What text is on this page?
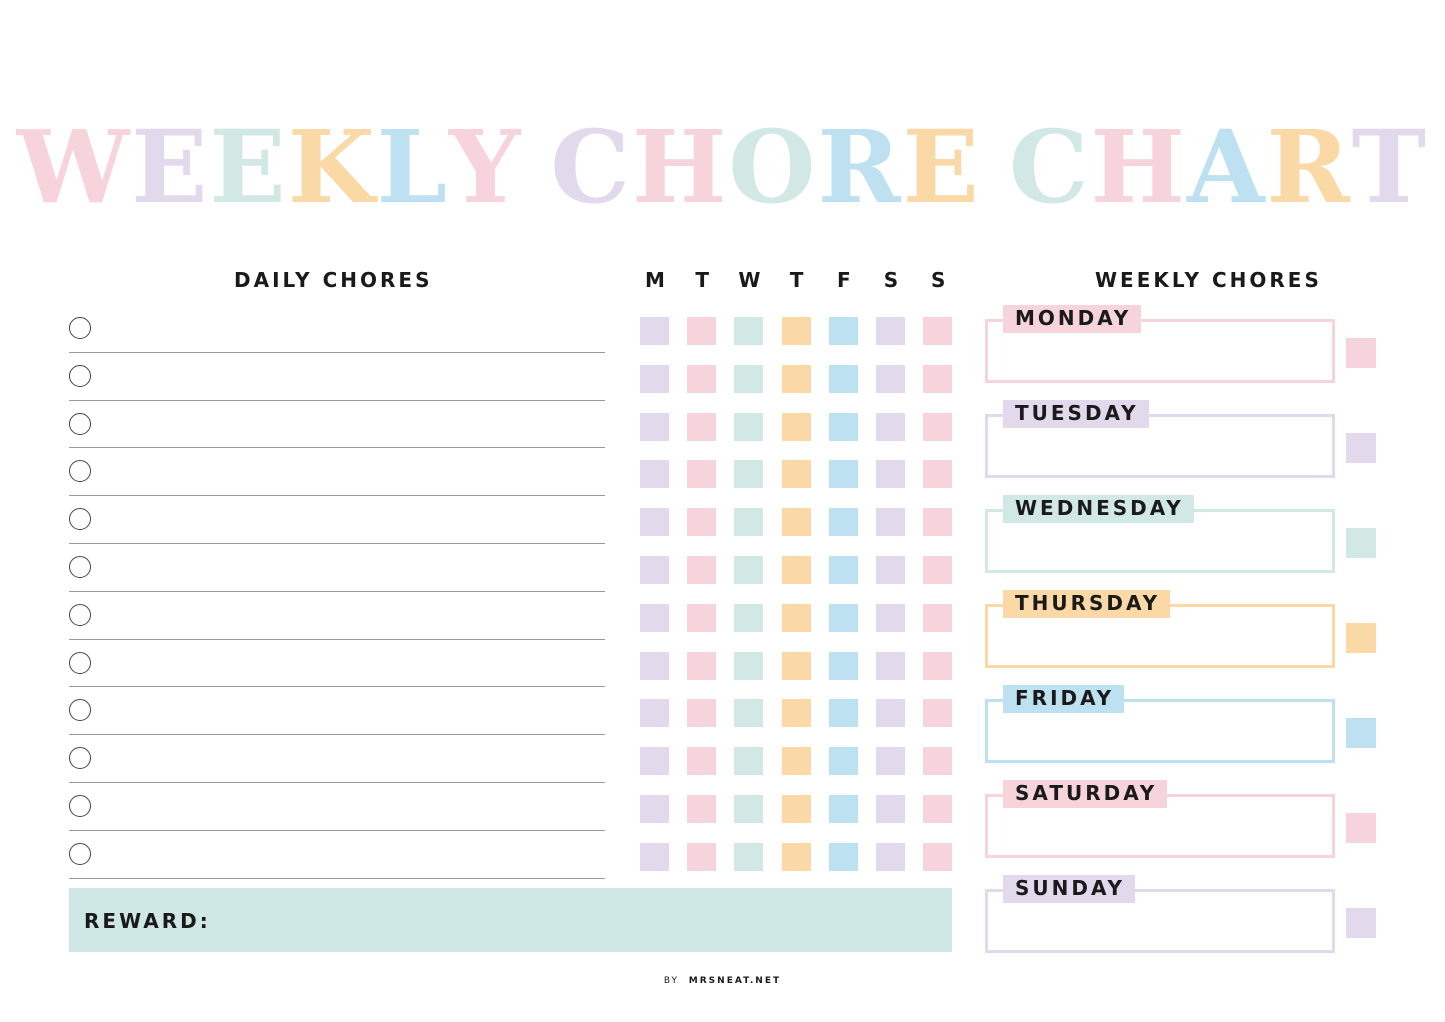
WEEKLY CHORE CHART
DAILY CHORES	WEEKLY CHORES
M	T	W	T	F	S	S
REWARD:
MONDAY
TUESDAY
WEDNESDAY
THURSDAY
FRIDAY
SATURDAY
SUNDAY
BY MRSNEAT.NET
